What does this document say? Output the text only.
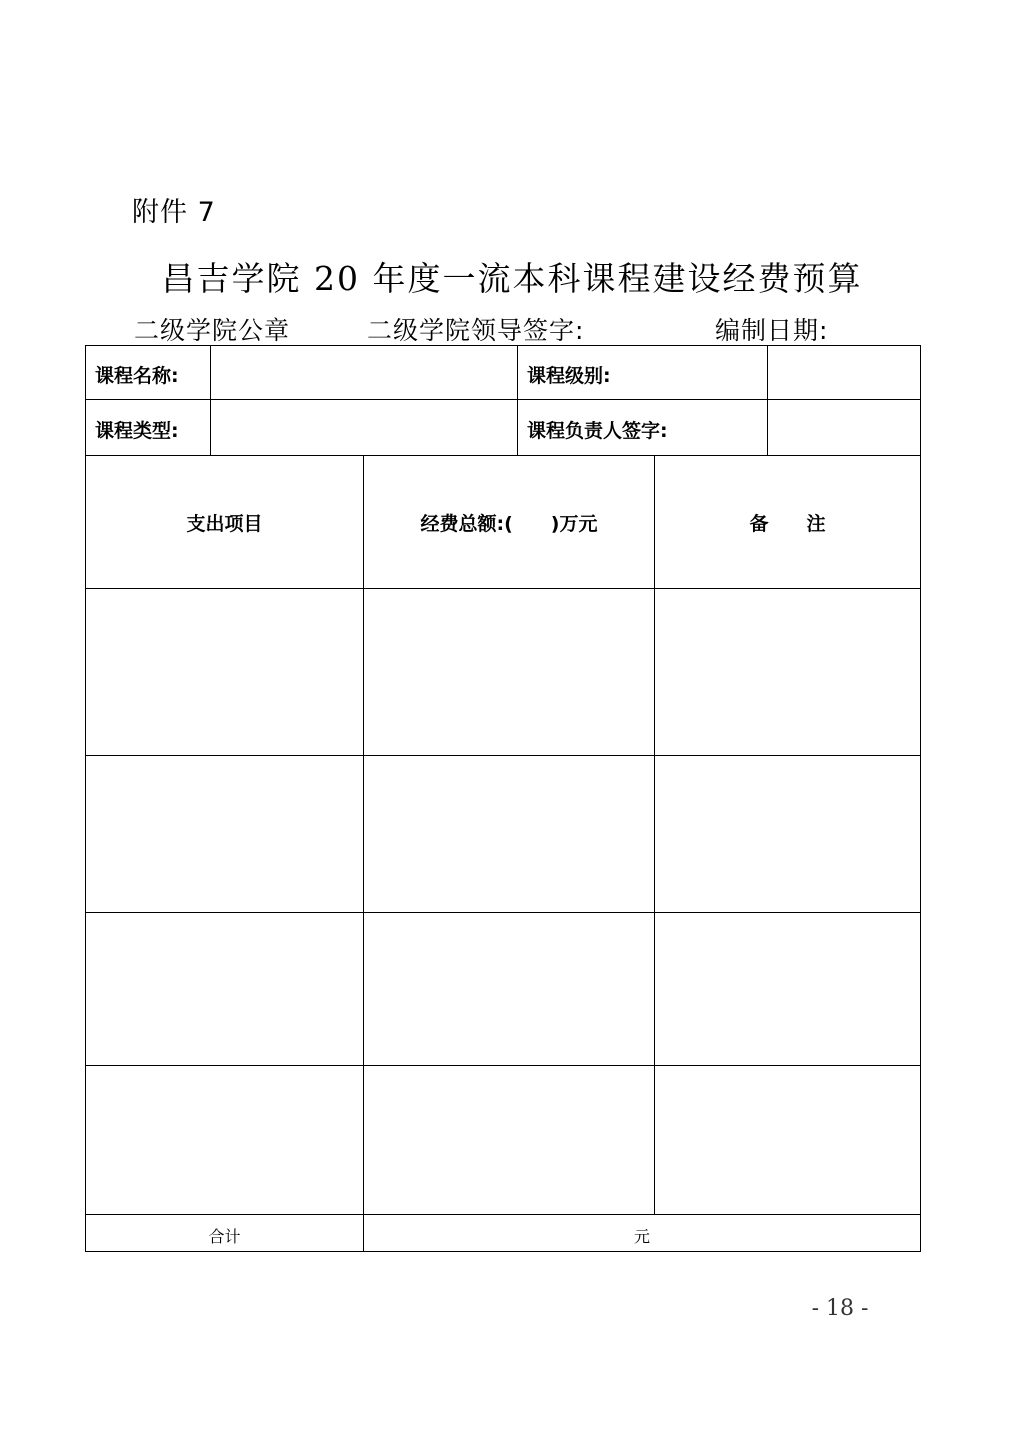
附件 7
昌吉学院 20 年度一流本科课程建设经费预算
二级学院公章	二级学院领导签字:	编制日期:
课程名称:	课程级别:
课程类型:	课程负责人签字:
支出项目	经费总额:(　　)万元	备　　注
合计	元
- 18 -
